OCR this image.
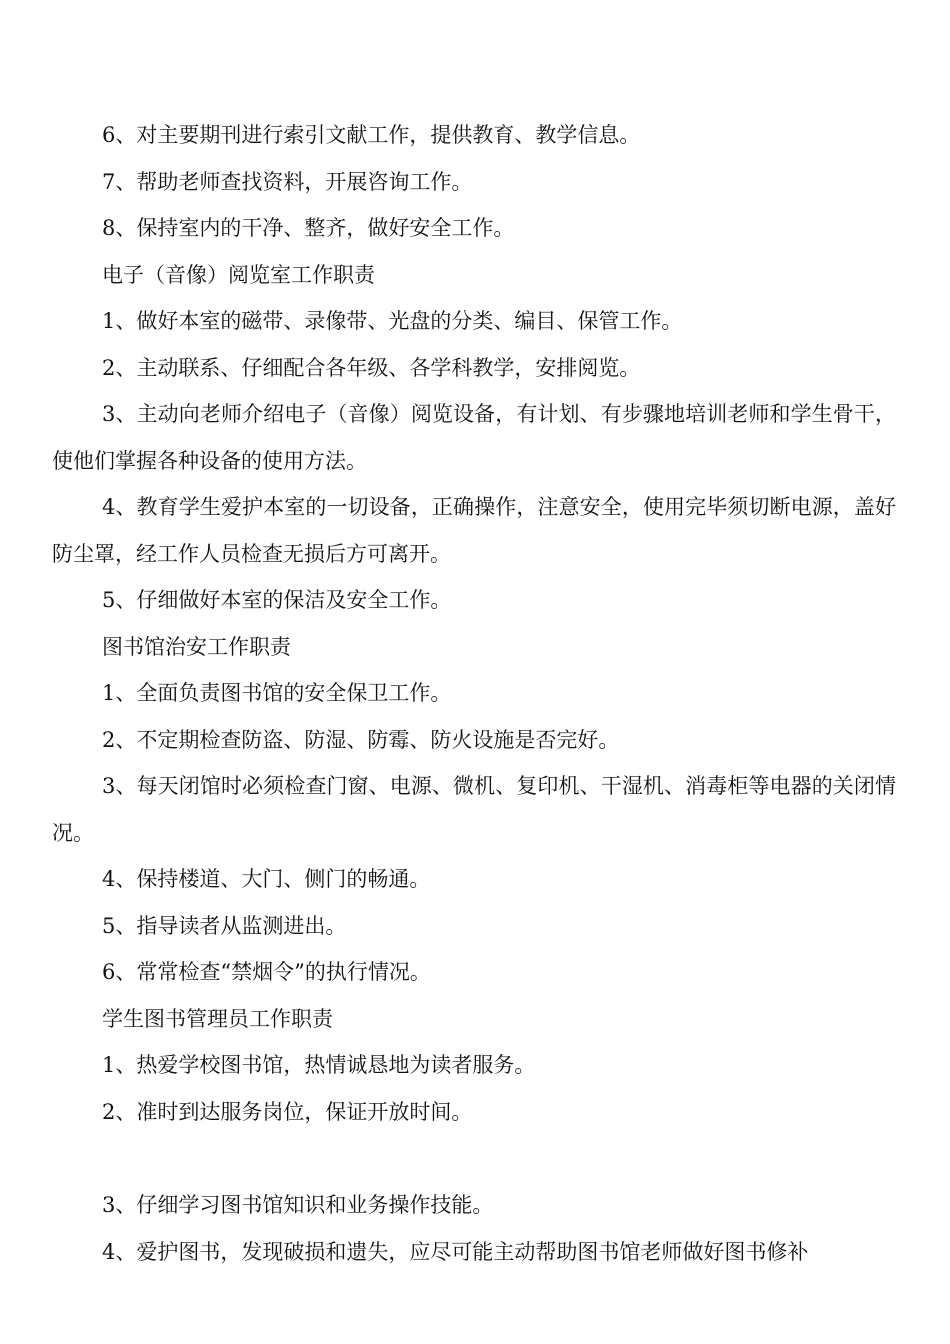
6、对主要期刊进行索引文献工作，提供教育、教学信息。

7、帮助老师查找资料，开展咨询工作。

8、保持室内的干净、整齐，做好安全工作。

电子（音像）阅览室工作职责

1、做好本室的磁带、录像带、光盘的分类、编目、保管工作。

2、主动联系、仔细配合各年级、各学科教学，安排阅览。

3、主动向老师介绍电子（音像）阅览设备，有计划、有步骤地培训老师和学生骨干，使他们掌握各种设备的使用方法。

4、教育学生爱护本室的一切设备，正确操作，注意安全，使用完毕须切断电源，盖好防尘罩，经工作人员检查无损后方可离开。

5、仔细做好本室的保洁及安全工作。

图书馆治安工作职责

1、全面负责图书馆的安全保卫工作。

2、不定期检查防盗、防湿、防霉、防火设施是否完好。

3、每天闭馆时必须检查门窗、电源、微机、复印机、干湿机、消毒柜等电器的关闭情况。

4、保持楼道、大门、侧门的畅通。

5、指导读者从监测进出。

6、常常检查“禁烟令”的执行情况。

学生图书管理员工作职责

1、热爱学校图书馆，热情诚恳地为读者服务。

2、准时到达服务岗位，保证开放时间。

3、仔细学习图书馆知识和业务操作技能。

4、爱护图书，发现破损和遗失，应尽可能主动帮助图书馆老师做好图书修补
